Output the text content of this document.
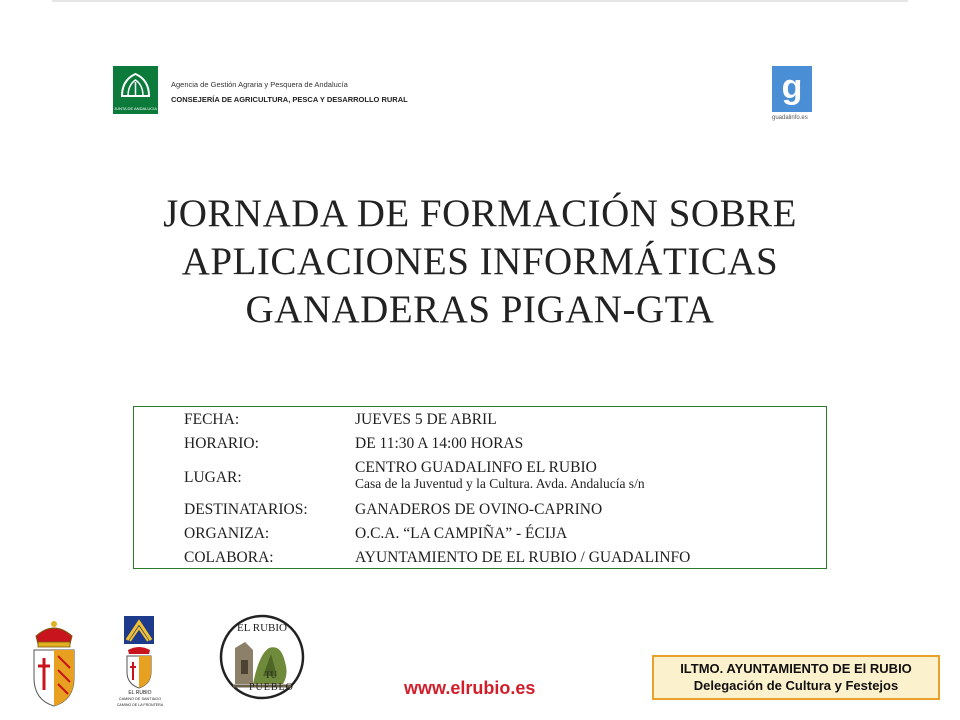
JUNTA DE ANDALUCIA
Agencia de Gestión Agraria y Pesquera de Andalucía
CONSEJERÍA DE AGRICULTURA, PESCA Y DESARROLLO RURAL	g
guadalinfo.es
JORNADA DE FORMACIÓN SOBRE
APLICACIONES INFORMÁTICAS
GANADERAS PIGAN-GTA
FECHA:	JUEVES 5 DE ABRIL
HORARIO:	DE 11:30 A 14:00 HORAS
LUGAR:
CENTRO GUADALINFO EL RUBIO
Casa de la Juventud y la Cultura. Avda. Andalucía s/n
DESTINATARIOS:	GANADEROS DE OVINO-CAPRINO
ORGANIZA:	O.C.A. “LA CAMPIÑA” - ÉCIJA
COLABORA:	AYUNTAMIENTO DE EL RUBIO / GUADALINFO
EL RUBIO
CAMINO DE SANTIAGO
CAMINO DE LA FRONTERA
EL RUBIO
TU
PUEBLO	www.elrubio.es
ILTMO. AYUNTAMIENTO DE El RUBIO
Delegación de Cultura y Festejos
